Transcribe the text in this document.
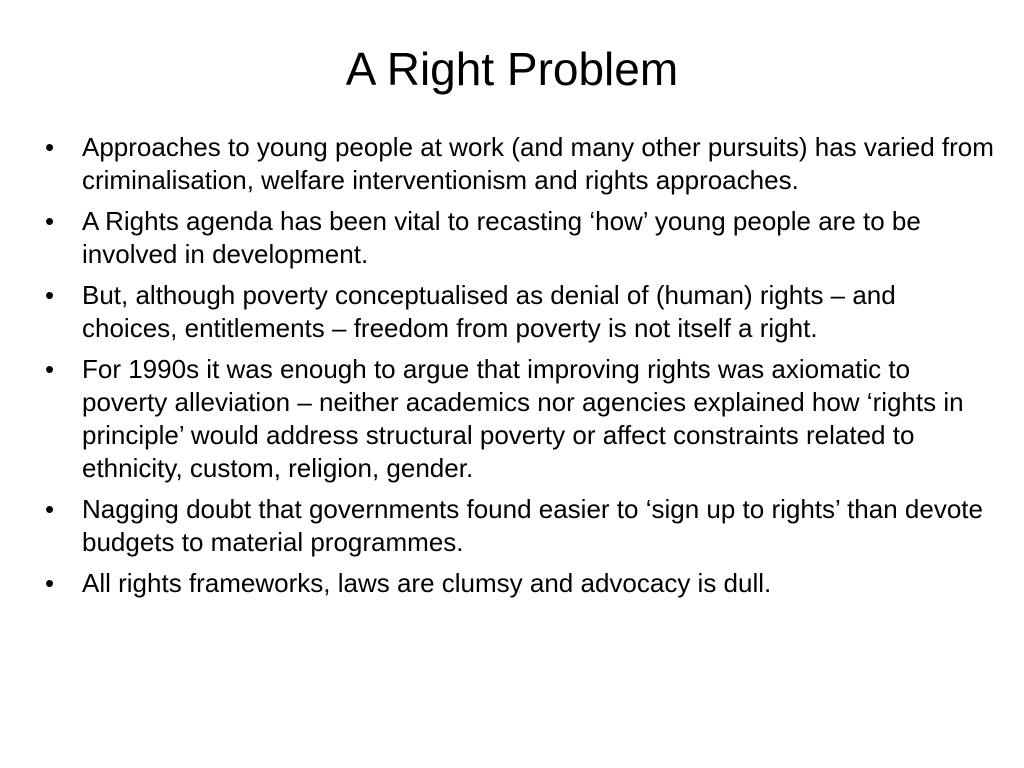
A Right Problem
•	Approaches to young people at work (and many other pursuits) has varied from criminalisation, welfare interventionism and rights approaches.
•	A Rights agenda has been vital to recasting ‘how’ young people are to be involved in development.
•	But, although poverty conceptualised as denial of (human) rights – and choices, entitlements – freedom from poverty is not itself a right.
•	For 1990s it was enough to argue that improving rights was axiomatic to poverty alleviation – neither academics nor agencies explained how ‘rights in principle’ would address structural poverty or affect constraints related to ethnicity, custom, religion, gender.
•	Nagging doubt that governments found easier to ‘sign up to rights’ than devote budgets to material programmes.
•	All rights frameworks, laws are clumsy and advocacy is dull.
